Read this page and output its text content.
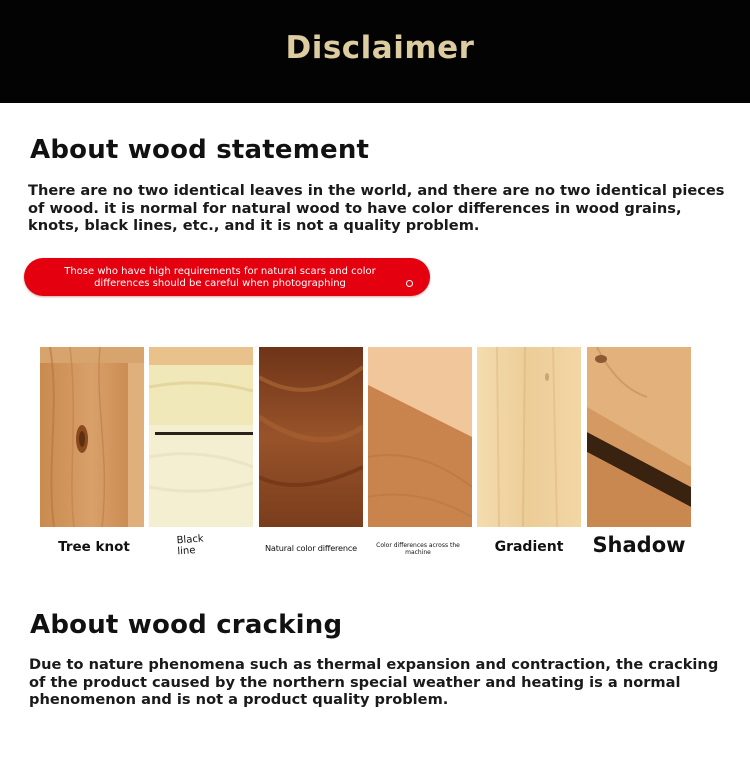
Disclaimer
About wood statement
There are no two identical leaves in the world, and there are no two identical pieces of wood. it is normal for natural wood to have color differences in wood grains, knots, black lines, etc., and it is not a quality problem.
Those who have high requirements for natural scars and color differences should be careful when photographing
Tree knot	Black line	Natural color difference	Color differences across the machine	Gradient	Shadow
About wood cracking
Due to nature phenomena such as thermal expansion and contraction, the cracking of the product caused by the northern special weather and heating is a normal phenomenon and is not a product quality problem.
